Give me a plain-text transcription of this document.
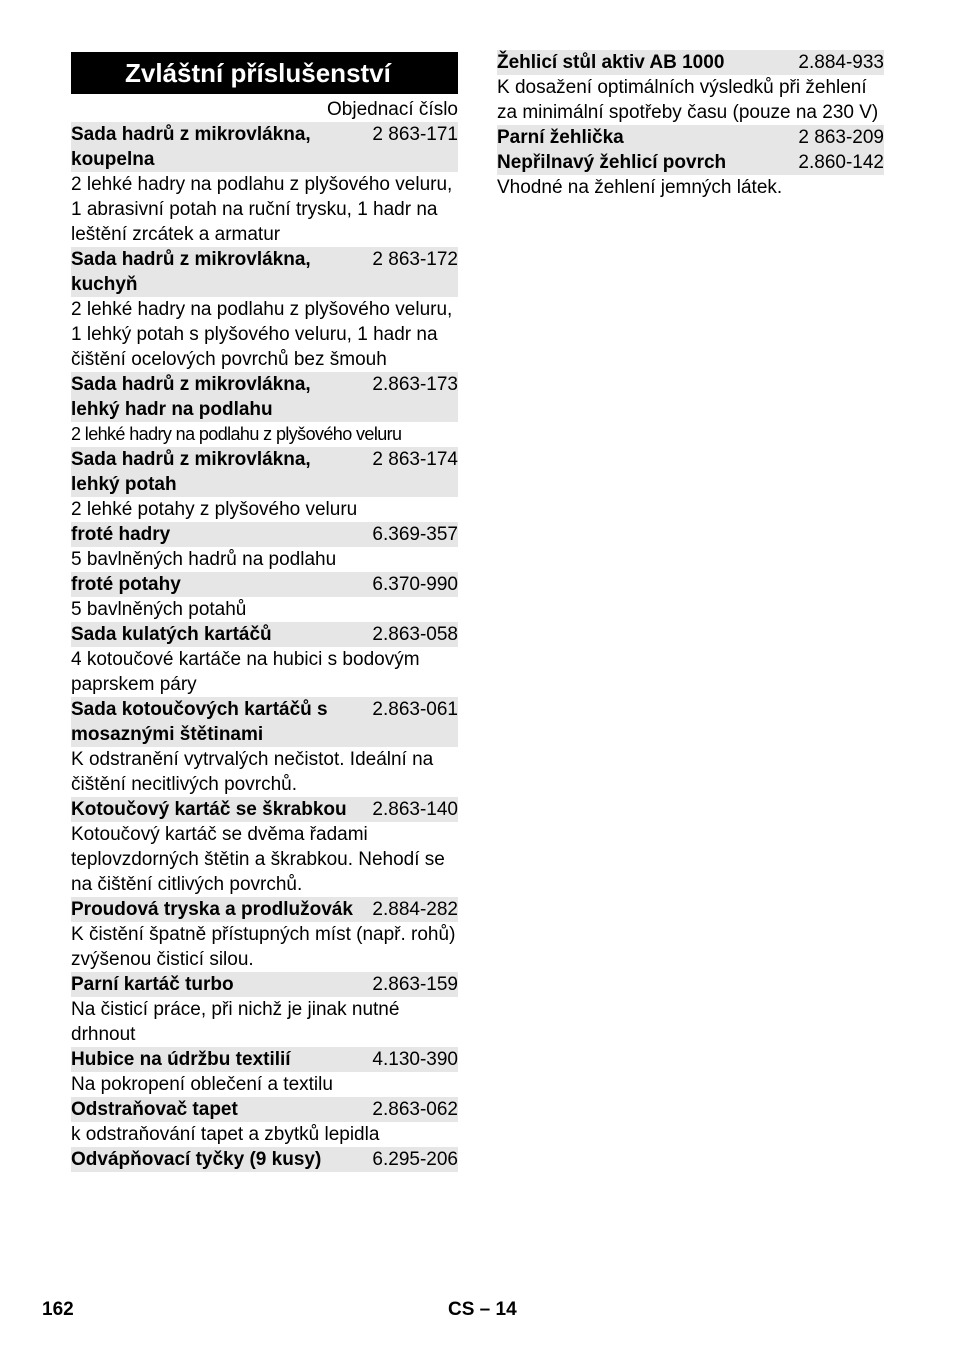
Zvláštní příslušenství
Objednací číslo
Sada hadrů z mikrovlákna, koupelna
2 863-171
2 lehké hadry na podlahu z plyšového veluru, 1 abrasivní potah na ruční trysku, 1 hadr na leštění zrcátek a armatur
Sada hadrů z mikrovlákna, kuchyň
2 863-172
2 lehké hadry na podlahu z plyšového veluru, 1 lehký potah s plyšového veluru, 1 hadr na čištění ocelových povrchů bez šmouh
Sada hadrů z mikrovlákna, lehký hadr na podlahu
2.863-173
2 lehké hadry na podlahu z plyšového veluru
Sada hadrů z mikrovlákna, lehký potah
2 863-174
2 lehké potahy z plyšového veluru
froté hadry	6.369-357
5 bavlněných hadrů na podlahu
froté potahy	6.370-990
5 bavlněných potahů
Sada kulatých kartáčů	2.863-058
4 kotoučové kartáče na hubici s bodovým paprskem páry
Sada kotoučových kartáčů s mosaznými štětinami
2.863-061
K odstranění vytrvalých nečistot. Ideální na čištění necitlivých povrchů.
Kotoučový kartáč se škrabkou	2.863-140
Kotoučový kartáč se dvěma řadami teplovzdorných štětin a škrabkou. Nehodí se na čištění citlivých povrchů.
Proudová tryska a prodlužovák	2.884-282
K čistění špatně přístupných míst (např. rohů) zvýšenou čisticí silou.
Parní kartáč turbo	2.863-159
Na čisticí práce, při nichž je jinak nutné drhnout
Hubice na údržbu textilií	4.130-390
Na pokropení oblečení a textilu
Odstraňovač tapet	2.863-062
k odstraňování tapet a zbytků lepidla
Odvápňovací tyčky (9 kusy)	6.295-206
Žehlicí stůl aktiv AB 1000	2.884-933
K dosažení optimálních výsledků při žehlení za minimální spotřeby času (pouze na 230 V)
Parní žehlička	2 863-209
Nepřilnavý žehlicí povrch	2.860-142
Vhodné na žehlení jemných látek.
162	CS – 14
